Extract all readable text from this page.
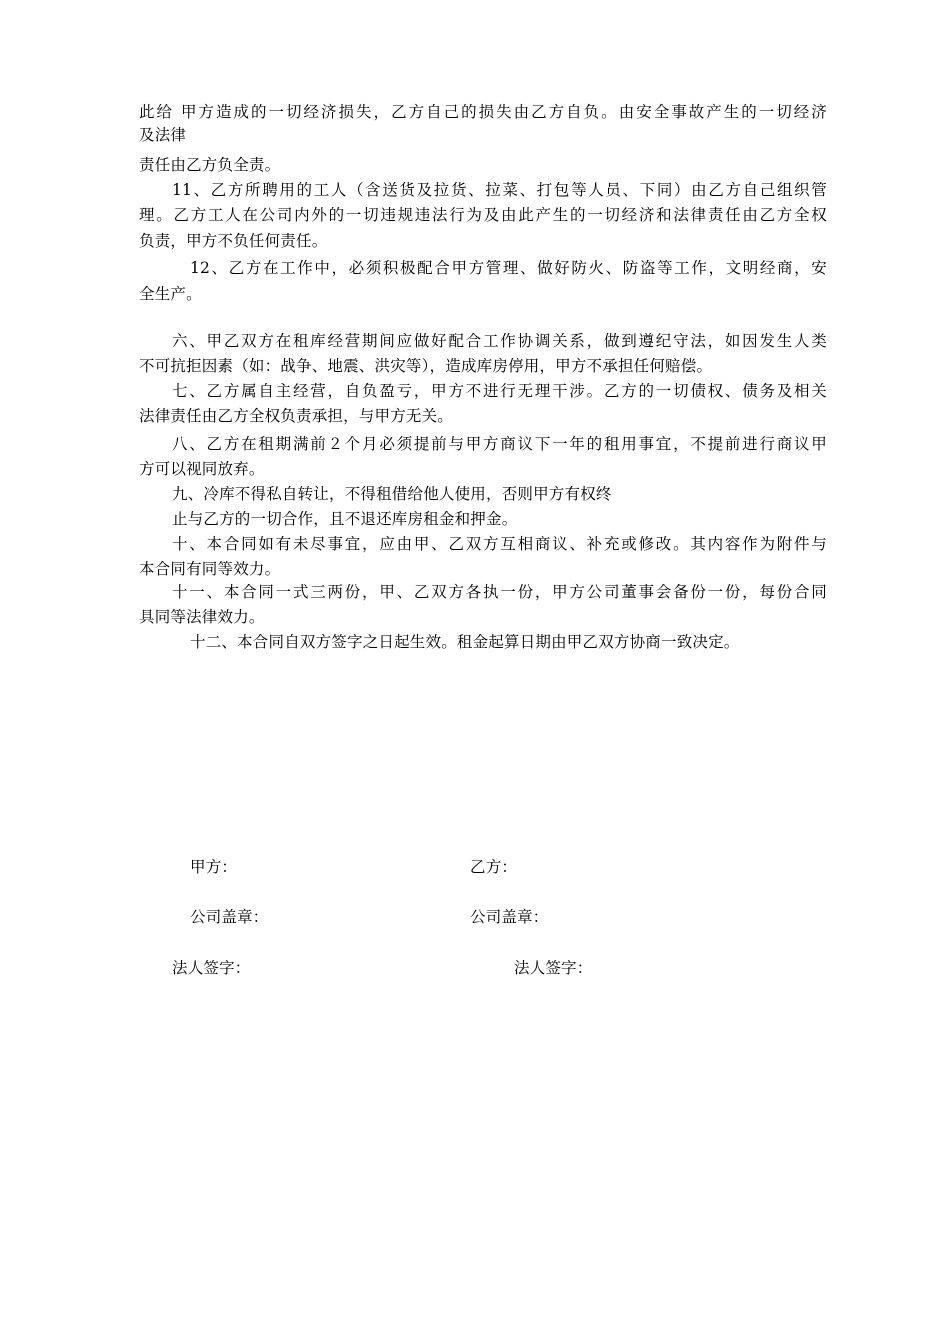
此给 甲方造成的一切经济损失，乙方自己的损失由乙方自负。由安全事故产生的一切经济
及法律
责任由乙方负全责。
11、乙方所聘用的工人（含送货及拉货、拉菜、打包等人员、下同）由乙方自己组织管
理。乙方工人在公司内外的一切违规违法行为及由此产生的一切经济和法律责任由乙方全权
负责，甲方不负任何责任。
12、乙方在工作中，必须积极配合甲方管理、做好防火、防盗等工作，文明经商，安
全生产。
六、甲乙双方在租库经营期间应做好配合工作协调关系，做到遵纪守法，如因发生人类
不可抗拒因素（如：战争、地震、洪灾等），造成库房停用，甲方不承担任何赔偿。
七、乙方属自主经营，自负盈亏，甲方不进行无理干涉。乙方的一切债权、债务及相关
法律责任由乙方全权负责承担，与甲方无关。
八、乙方在租期满前２个月必须提前与甲方商议下一年的租用事宜，不提前进行商议甲
方可以视同放弃。
九、冷库不得私自转让，不得租借给他人使用，否则甲方有权终
止与乙方的一切合作，且不退还库房租金和押金。
十、本合同如有未尽事宜，应由甲、乙双方互相商议、补充或修改。其内容作为附件与
本合同有同等效力。
十一、本合同一式三两份，甲、乙双方各执一份，甲方公司董事会备份一份，每份合同
具同等法律效力。
十二、本合同自双方签字之日起生效。租金起算日期由甲乙双方协商一致决定。
甲方：	乙方：
公司盖章：	公司盖章：
法人签字：	法人签字：
